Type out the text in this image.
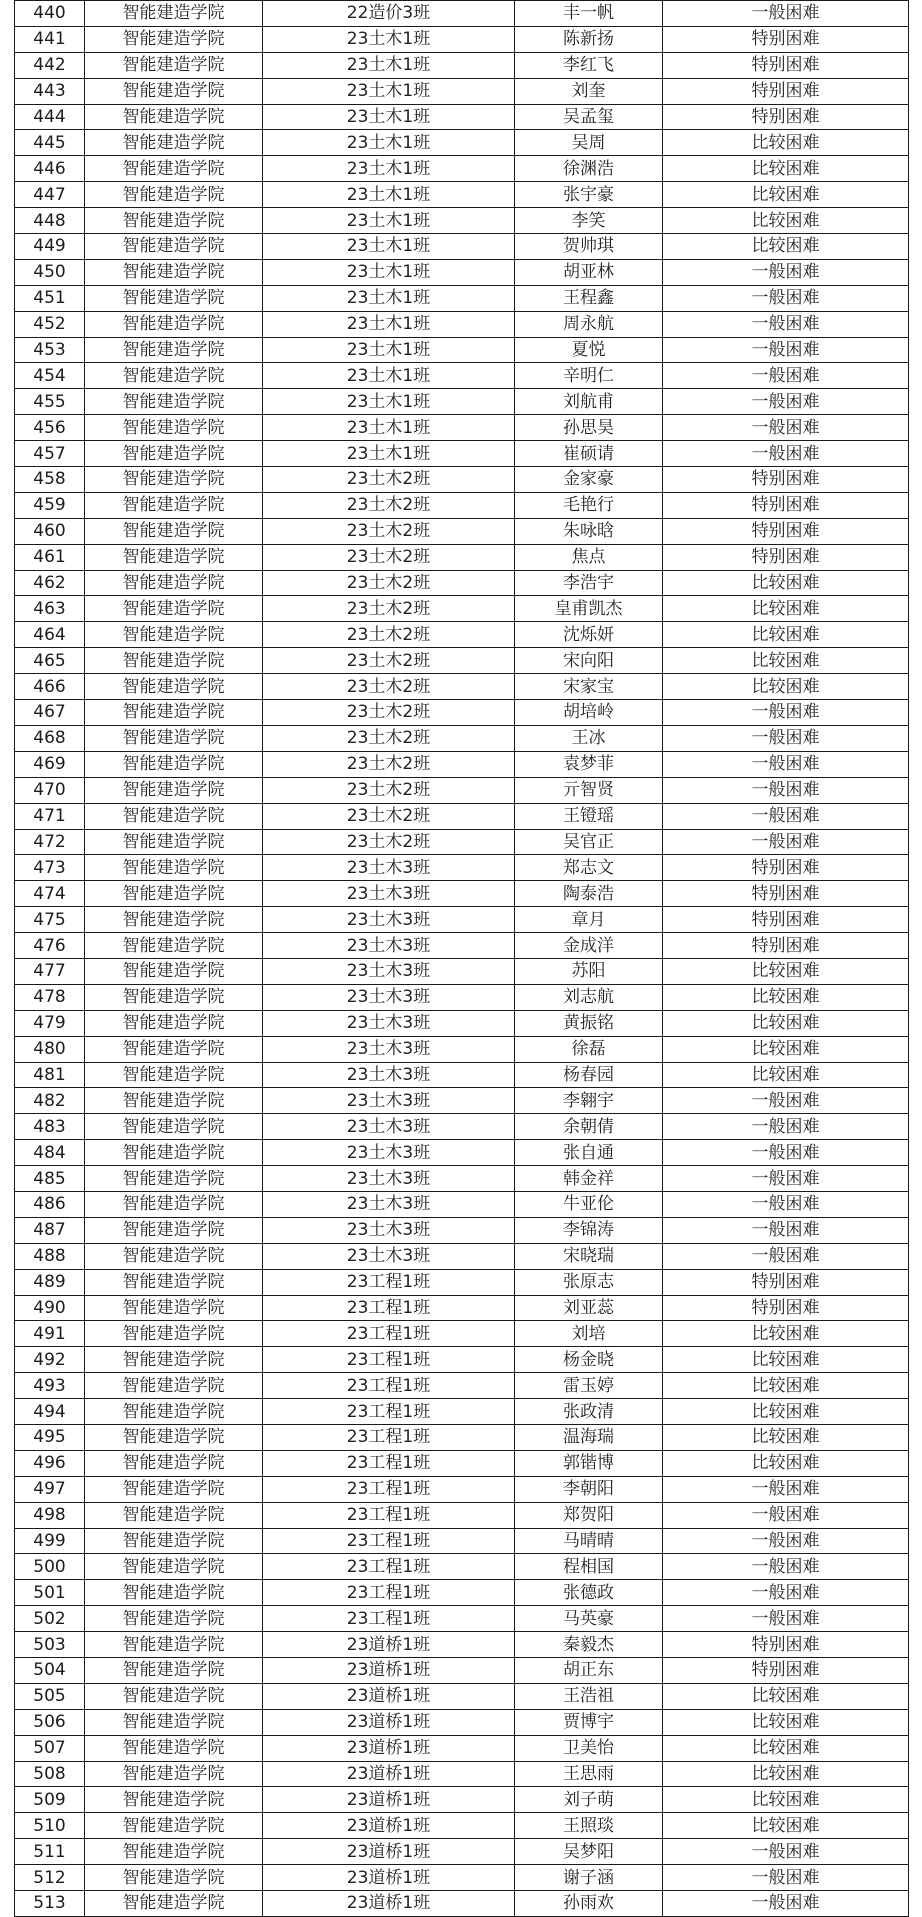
440	智能建造学院	22造价3班	丰一帆	一般困难
441	智能建造学院	23土木1班	陈新扬	特别困难
442	智能建造学院	23土木1班	李红飞	特别困难
443	智能建造学院	23土木1班	刘奎	特别困难
444	智能建造学院	23土木1班	吴孟玺	特别困难
445	智能建造学院	23土木1班	吴周	比较困难
446	智能建造学院	23土木1班	徐渊浩	比较困难
447	智能建造学院	23土木1班	张宇豪	比较困难
448	智能建造学院	23土木1班	李笑	比较困难
449	智能建造学院	23土木1班	贺帅琪	比较困难
450	智能建造学院	23土木1班	胡亚林	一般困难
451	智能建造学院	23土木1班	王程鑫	一般困难
452	智能建造学院	23土木1班	周永航	一般困难
453	智能建造学院	23土木1班	夏悦	一般困难
454	智能建造学院	23土木1班	辛明仁	一般困难
455	智能建造学院	23土木1班	刘航甫	一般困难
456	智能建造学院	23土木1班	孙思昊	一般困难
457	智能建造学院	23土木1班	崔硕请	一般困难
458	智能建造学院	23土木2班	金家豪	特别困难
459	智能建造学院	23土木2班	毛艳行	特别困难
460	智能建造学院	23土木2班	朱咏晗	特别困难
461	智能建造学院	23土木2班	焦点	特别困难
462	智能建造学院	23土木2班	李浩宇	比较困难
463	智能建造学院	23土木2班	皇甫凯杰	比较困难
464	智能建造学院	23土木2班	沈烁妍	比较困难
465	智能建造学院	23土木2班	宋向阳	比较困难
466	智能建造学院	23土木2班	宋家宝	比较困难
467	智能建造学院	23土木2班	胡培岭	一般困难
468	智能建造学院	23土木2班	王冰	一般困难
469	智能建造学院	23土木2班	袁梦菲	一般困难
470	智能建造学院	23土木2班	亓智贤	一般困难
471	智能建造学院	23土木2班	王镫瑶	一般困难
472	智能建造学院	23土木2班	吴官正	一般困难
473	智能建造学院	23土木3班	郑志文	特别困难
474	智能建造学院	23土木3班	陶泰浩	特别困难
475	智能建造学院	23土木3班	章月	特别困难
476	智能建造学院	23土木3班	金成洋	特别困难
477	智能建造学院	23土木3班	苏阳	比较困难
478	智能建造学院	23土木3班	刘志航	比较困难
479	智能建造学院	23土木3班	黄振铭	比较困难
480	智能建造学院	23土木3班	徐磊	比较困难
481	智能建造学院	23土木3班	杨春园	比较困难
482	智能建造学院	23土木3班	李翱宇	一般困难
483	智能建造学院	23土木3班	余朝倩	一般困难
484	智能建造学院	23土木3班	张自通	一般困难
485	智能建造学院	23土木3班	韩金祥	一般困难
486	智能建造学院	23土木3班	牛亚伦	一般困难
487	智能建造学院	23土木3班	李锦涛	一般困难
488	智能建造学院	23土木3班	宋晓瑞	一般困难
489	智能建造学院	23工程1班	张原志	特别困难
490	智能建造学院	23工程1班	刘亚蕊	特别困难
491	智能建造学院	23工程1班	刘培	比较困难
492	智能建造学院	23工程1班	杨金晓	比较困难
493	智能建造学院	23工程1班	雷玉婷	比较困难
494	智能建造学院	23工程1班	张政清	比较困难
495	智能建造学院	23工程1班	温海瑞	比较困难
496	智能建造学院	23工程1班	郭锴博	比较困难
497	智能建造学院	23工程1班	李朝阳	一般困难
498	智能建造学院	23工程1班	郑贺阳	一般困难
499	智能建造学院	23工程1班	马晴晴	一般困难
500	智能建造学院	23工程1班	程相国	一般困难
501	智能建造学院	23工程1班	张德政	一般困难
502	智能建造学院	23工程1班	马英豪	一般困难
503	智能建造学院	23道桥1班	秦毅杰	特别困难
504	智能建造学院	23道桥1班	胡正东	特别困难
505	智能建造学院	23道桥1班	王浩祖	比较困难
506	智能建造学院	23道桥1班	贾博宇	比较困难
507	智能建造学院	23道桥1班	卫美怡	比较困难
508	智能建造学院	23道桥1班	王思雨	比较困难
509	智能建造学院	23道桥1班	刘子萌	比较困难
510	智能建造学院	23道桥1班	王照琰	比较困难
511	智能建造学院	23道桥1班	吴梦阳	一般困难
512	智能建造学院	23道桥1班	谢子涵	一般困难
513	智能建造学院	23道桥1班	孙雨欢	一般困难
